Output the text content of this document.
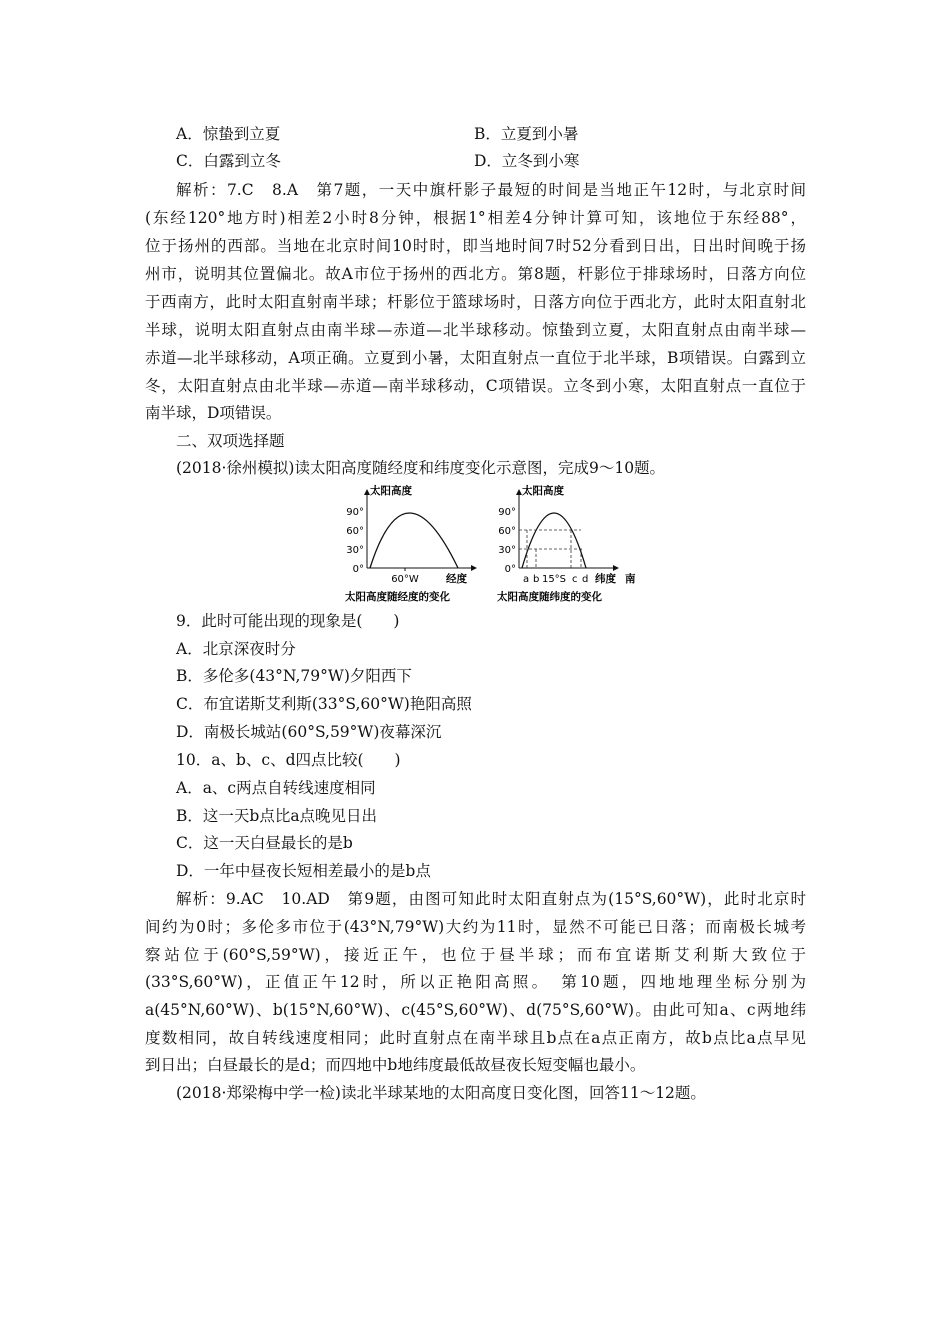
A．惊蛰到立夏	B．立夏到小暑
C．白露到立冬	D．立冬到小寒
解析：7.C　8.A　第7题，一天中旗杆影子最短的时间是当地正午12时，与北京时间
(东经120°地方时)相差2小时8分钟，根据1°相差4分钟计算可知，该地位于东经88°，
位于扬州的西部。当地在北京时间10时时，即当地时间7时52分看到日出，日出时间晚于扬
州市，说明其位置偏北。故A市位于扬州的西北方。第8题，杆影位于排球场时，日落方向位
于西南方，此时太阳直射南半球；杆影位于篮球场时，日落方向位于西北方，此时太阳直射北
半球，说明太阳直射点由南半球—赤道—北半球移动。惊蛰到立夏，太阳直射点由南半球—
赤道—北半球移动，A项正确。立夏到小暑，太阳直射点一直位于北半球，B项错误。白露到立
冬，太阳直射点由北半球—赤道—南半球移动，C项错误。立冬到小寒，太阳直射点一直位于
南半球，D项错误。
二、双项选择题
(2018·徐州模拟)读太阳高度随经度和纬度变化示意图，完成9～10题。
太阳高度
90°
60°
30°
0°
60°W	经度
太阳高度随经度的变化
太阳高度
90°
60°
30°
0°
a b 15°S c d 纬度 南
太阳高度随纬度的变化
9．此时可能出现的现象是(　　)
A．北京深夜时分
B．多伦多(43°N,79°W)夕阳西下
C．布宜诺斯艾利斯(33°S,60°W)艳阳高照
D．南极长城站(60°S,59°W)夜幕深沉
10．a、b、c、d四点比较(　　)
A．a、c两点自转线速度相同
B．这一天b点比a点晚见日出
C．这一天白昼最长的是b
D．一年中昼夜长短相差最小的是b点
解析：9.AC　10.AD　第9题，由图可知此时太阳直射点为(15°S,60°W)，此时北京时
间约为0时；多伦多市位于(43°N,79°W)大约为11时，显然不可能已日落；而南极长城考
察站位于(60°S,59°W)，接近正午，也位于昼半球；而布宜诺斯艾利斯大致位于
(33°S,60°W)，正值正午12时，所以正艳阳高照。　第10题，四地地理坐标分别为
a(45°N,60°W)、b(15°N,60°W)、c(45°S,60°W)、d(75°S,60°W)。由此可知a、c两地纬
度数相同，故自转线速度相同；此时直射点在南半球且b点在a点正南方，故b点比a点早见
到日出；白昼最长的是d；而四地中b地纬度最低故昼夜长短变幅也最小。
(2018·郑梁梅中学一检)读北半球某地的太阳高度日变化图，回答11～12题。
